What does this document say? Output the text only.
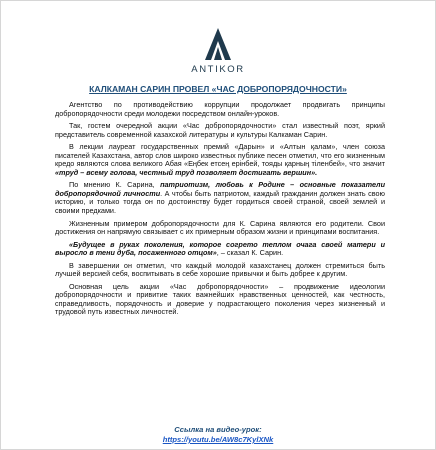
ANTIKOR
КАЛКАМАН САРИН ПРОВЕЛ «ЧАС ДОБРОПОРЯДОЧНОСТИ»

Агентство по противодействию коррупции продолжает продвигать принципы добропорядочности среди молодежи посредством онлайн-уроков.

Так, гостем очередной акции «Час добропорядочности» стал известный поэт, яркий представитель современной казахской литературы и культуры Калкаман Сарин.

В лекции лауреат государственных премий «Дарын» и «Алтын қалам», член союза писателей Казахстана, автор слов широко известных публике песен отметил, что его жизненным кредо являются слова великого Абая «Еңбек етсең ерінбей, тояды қарның тіленбей», что значит «труд – всему голова, честный труд позволяет достигать вершин».

По мнению К. Сарина, патриотизм, любовь к Родине – основные показатели добропорядочной личности. А чтобы быть патриотом, каждый гражданин должен знать свою историю, и только тогда он по достоинству будет гордиться своей страной, своей землей и своими предками.

Жизненным примером добропорядочности для К. Сарина являются его родители. Свои достижения он напрямую связывает с их примерным образом жизни и принципами воспитания.

«Будущее в руках поколения, которое согрето теплом очага своей матери и выросло в тени дуба, посаженного отцом», – сказал К. Сарин.

В завершении он отметил, что каждый молодой казахстанец должен стремиться быть лучшей версией себя, воспитывать в себе хорошие привычки и быть добрее к другим.

Основная цель акции «Час добропорядочности» – продвижение идеологии добропорядочности и привитие таких важнейших нравственных ценностей, как честность, справедливость, порядочность и доверие у подрастающего поколения через жизненный и трудовой путь известных личностей.

Ссылка на видео-урок:
https://youtu.be/AW8c7KylXNk
